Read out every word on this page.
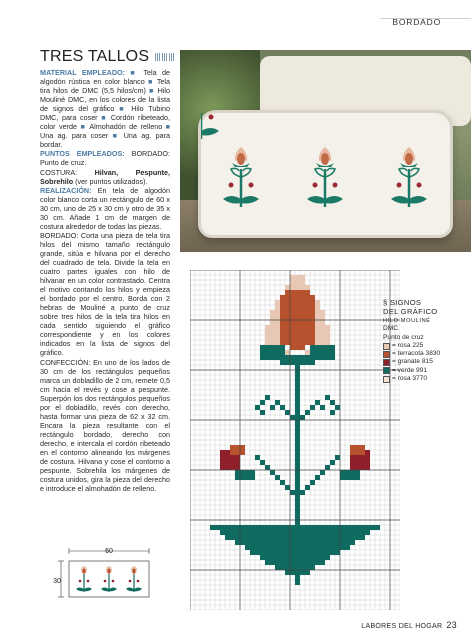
BORDADO
TRES TALLOS

MATERIAL EMPLEADO: ■ Tela de algodón rústica en color blanco ■ Tela tira hilos de DMC (5,5 hilos/cm) ■ Hilo Mouliné DMC, en los colores de la lista de signos del gráfico ■ Hilo Tubino DMC, para coser ■ Cordón ribeteado, color verde ■ Almohadón de relleno ■ Una ag. para coser ■ Una ag. para bordar.

PUNTOS EMPLEADOS: BORDADO: Punto de cruz.

COSTURA: Hilvan, Pespunte, Sobrehilo (ver puntos utilizados).

REALIZACIÓN: En tela de algodón color blanco corta un rectángulo de 60 x 30 cm, uno de 25 x 30 cm y otro de 35 x 30 cm. Añade 1 cm de margen de costura alrededor de todas las piezas.

BORDADO: Corta una pieza de tela tira hilos del mismo tamaño rectángulo grande, sitúa e hilvana por el derecho del cuadrado de tela. Divide la tela en cuatro partes iguales con hilo de hilvanar en un color contrastado. Centra el motivo contando los hilos y empieza el bordado por el centro. Borda con 2 hebras de Mouliné a punto de cruz sobre tres hilos de la tela tira hilos en cada sentido siguiendo el gráfico correspondiente y en los colores indicados en la lista de signos del gráfico.

CONFECCIÓN: En uno de los lados de 30 cm de los rectángulos pequeños marca un dobladillo de 2 cm, remete 0,5 cm hacia el revés y cose a pespunte. Superpón los dos rectángulos pequeños por el dobladillo, revés con derecho, hasta formar una pieza de 62 x 32 cm. Encara la pieza resultante con el rectángulo bordado, derecho con derecho, e intercala el cordón ribeteado en el contorno alineando los márgenes de costura. Hilvana y cose el contorno a pespunte. Sobrehila los márgenes de costura unidos, gira la pieza del derecho e introduce el almohadón de relleno.

§ SIGNOS
DEL GRÁFICO
HILO MOULINÉ
DMC
Punto de cruz
= rosa 225
= terracota 3830
= granate 815
= verde 991
= rosa 3770
60
30
LABORES DEL HOGAR 23
